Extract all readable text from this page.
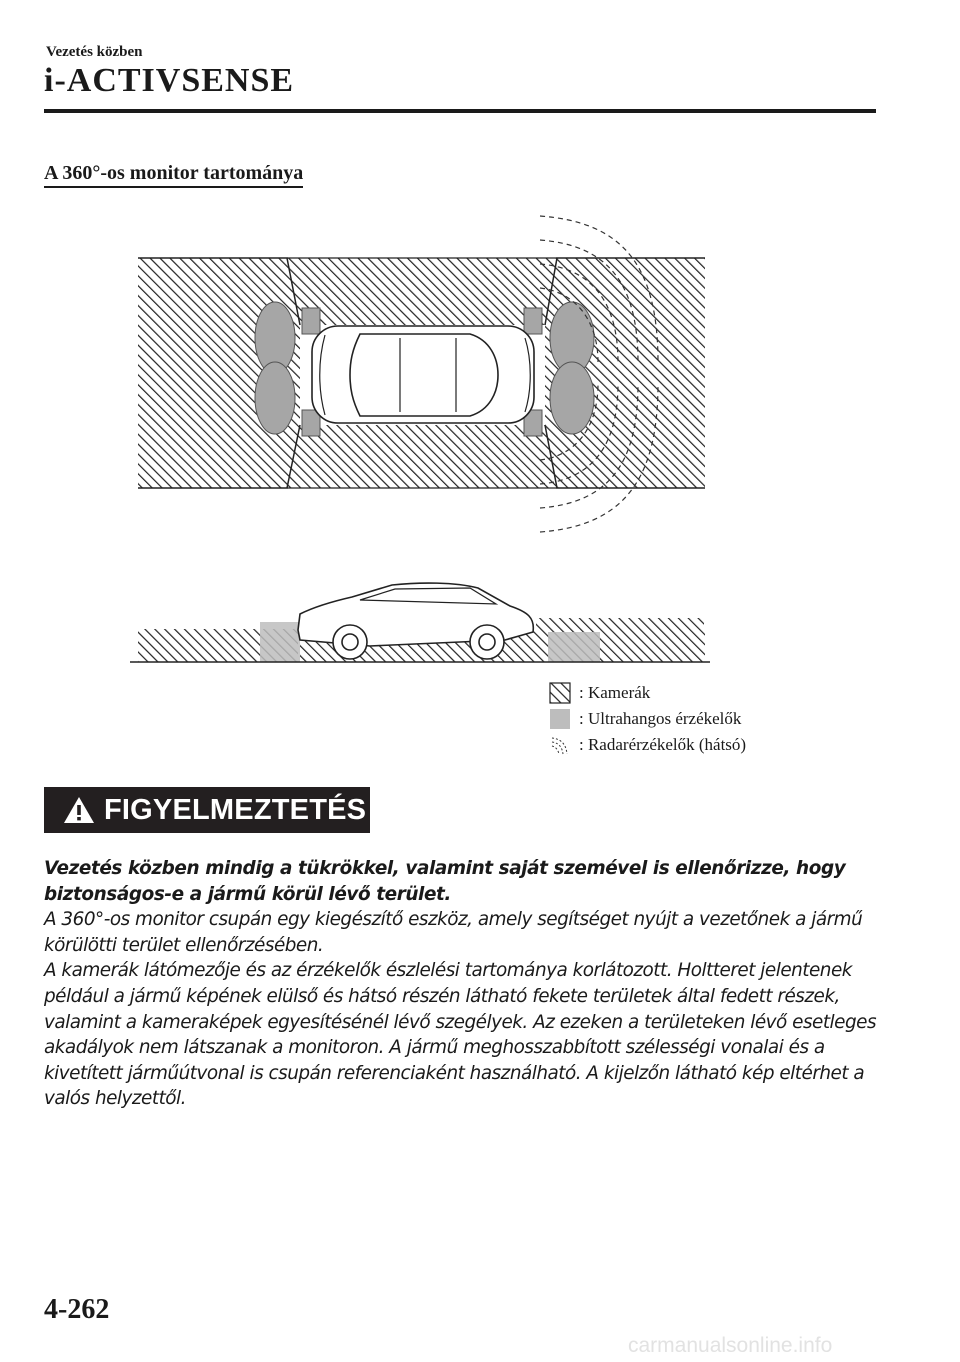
Vezetés közben
i-ACTIVSENSE
A 360°-os monitor tartománya
: Kamerák
: Ultrahangos érzékelők
: Radarérzékelők (hátsó)
FIGYELMEZTETÉS

Vezetés közben mindig a tükrökkel, valamint saját szemével is ellenőrizze, hogy biztonságos-e a jármű körül lévő terület.

A 360°-os monitor csupán egy kiegészítő eszköz, amely segítséget nyújt a vezetőnek a jármű körülötti terület ellenőrzésében.

A kamerák látómezője és az érzékelők észlelési tartománya korlátozott. Holtteret jelentenek például a jármű képének elülső és hátsó részén látható fekete területek által fedett részek, valamint a kameraképek egyesítésénél lévő szegélyek. Az ezeken a területeken lévő esetleges akadályok nem látszanak a monitoron. A jármű meghosszabbított szélességi vonalai és a kivetített járműútvonal is csupán referenciaként használható. A kijelzőn látható kép eltérhet a valós helyzettől.

4-262
carmanualsonline.info
